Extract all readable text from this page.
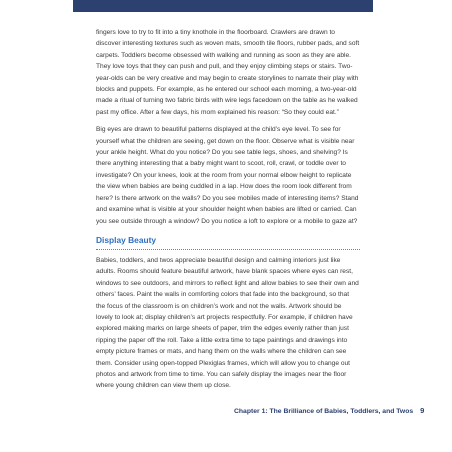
fingers love to try to fit into a tiny knothole in the floorboard. Crawlers are drawn to discover interesting textures such as woven mats, smooth tile floors, rubber pads, and soft carpets. Toddlers become obsessed with walking and running as soon as they are able. They love toys that they can push and pull, and they enjoy climbing steps or stairs. Two-year-olds can be very creative and may begin to create storylines to narrate their play with blocks and puppets. For example, as he entered our school each morning, a two-year-old made a ritual of turning two fabric birds with wire legs facedown on the table as he walked past my office. After a few days, his mom explained his reason: “So they could eat.”

Big eyes are drawn to beautiful patterns displayed at the child’s eye level. To see for yourself what the children are seeing, get down on the floor. Observe what is visible near your ankle height. What do you notice? Do you see table legs, shoes, and shelving? Is there anything interesting that a baby might want to scoot, roll, crawl, or toddle over to investigate? On your knees, look at the room from your normal elbow height to replicate the view when babies are being cuddled in a lap. How does the room look different from here? Is there artwork on the walls? Do you see mobiles made of interesting items? Stand and examine what is visible at your shoulder height when babies are lifted or carried. Can you see outside through a window? Do you notice a loft to explore or a mobile to gaze at?

Display Beauty

Babies, toddlers, and twos appreciate beautiful design and calming interiors just like adults. Rooms should feature beautiful artwork, have blank spaces where eyes can rest, windows to see outdoors, and mirrors to reflect light and allow babies to see their own and others’ faces. Paint the walls in comforting colors that fade into the background, so that the focus of the classroom is on children’s work and not the walls. Artwork should be lovely to look at; display children’s art projects respectfully. For example, if children have explored making marks on large sheets of paper, trim the edges evenly rather than just ripping the paper off the roll. Take a little extra time to tape paintings and drawings into empty picture frames or mats, and hang them on the walls where the children can see them. Consider using open-topped Plexiglas frames, which will allow you to change out photos and artwork from time to time. You can safely display the images near the floor where young children can view them up close.

Chapter 1: The Brilliance of Babies, Toddlers, and Twos 9
